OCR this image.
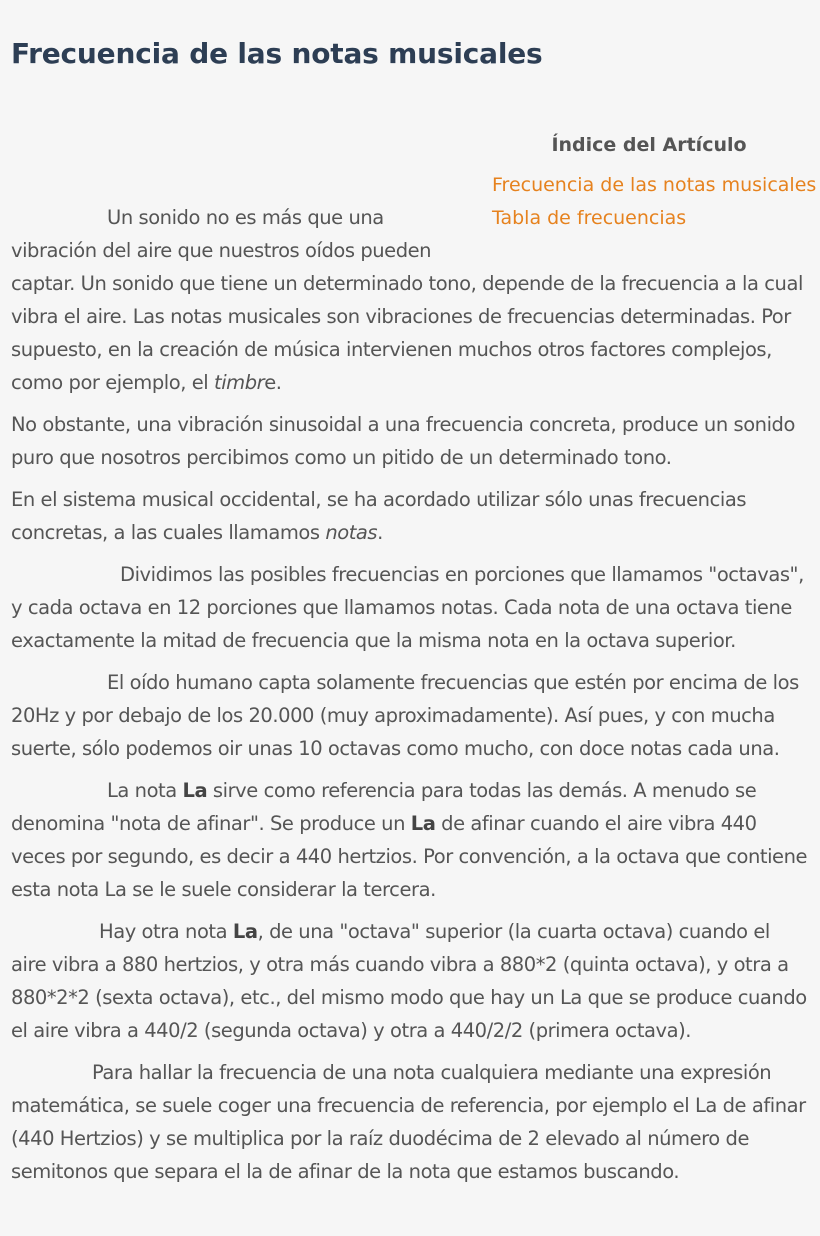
Frecuencia de las notas musicales
Índice del Artículo
Frecuencia de las notas musicales
Tabla de frecuencias

Un sonido no es más que una vibración del aire que nuestros oídos pueden captar. Un sonido que tiene un determinado tono, depende de la frecuencia a la cual vibra el aire. Las notas musicales son vibraciones de frecuencias determinadas. Por supuesto, en la creación de música intervienen muchos otros factores complejos, como por ejemplo, el timbre.

No obstante, una vibración sinusoidal a una frecuencia concreta, produce un sonido puro que nosotros percibimos como un pitido de un determinado tono.

En el sistema musical occidental, se ha acordado utilizar sólo unas frecuencias concretas, a las cuales llamamos notas.

Dividimos las posibles frecuencias en porciones que llamamos "octavas", y cada octava en 12 porciones que llamamos notas. Cada nota de una octava tiene exactamente la mitad de frecuencia que la misma nota en la octava superior.

El oído humano capta solamente frecuencias que estén por encima de los 20Hz y por debajo de los 20.000 (muy aproximadamente). Así pues, y con mucha suerte, sólo podemos oir unas 10 octavas como mucho, con doce notas cada una.

La nota La sirve como referencia para todas las demás. A menudo se denomina "nota de afinar". Se produce un La de afinar cuando el aire vibra 440 veces por segundo, es decir a 440 hertzios. Por convención, a la octava que contiene esta nota La se le suele considerar la tercera.

Hay otra nota La, de una "octava" superior (la cuarta octava) cuando el aire vibra a 880 hertzios, y otra más cuando vibra a 880*2 (quinta octava), y otra a 880*2*2 (sexta octava), etc., del mismo modo que hay un La que se produce cuando el aire vibra a 440/2 (segunda octava) y otra a 440/2/2 (primera octava).

Para hallar la frecuencia de una nota cualquiera mediante una expresión matemática, se suele coger una frecuencia de referencia, por ejemplo el La de afinar (440 Hertzios) y se multiplica por la raíz duodécima de 2 elevado al número de semitonos que separa el la de afinar de la nota que estamos buscando.
